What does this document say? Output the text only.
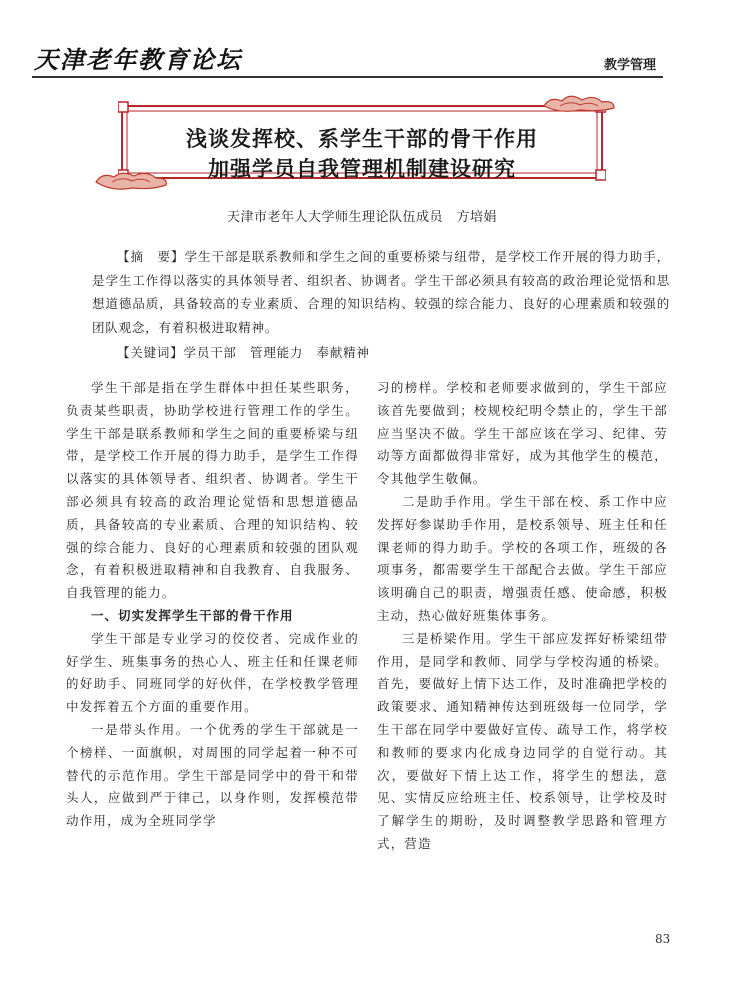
天津老年教育论坛	教学管理
浅谈发挥校、系学生干部的骨干作用
加强学员自我管理机制建设研究
天津市老年人大学师生理论队伍成员　方培娟
【摘　要】学生干部是联系教师和学生之间的重要桥梁与纽带，是学校工作开展的得力助手，是学生工作得以落实的具体领导者、组织者、协调者。学生干部必须具有较高的政治理论觉悟和思想道德品质，具备较高的专业素质、合理的知识结构、较强的综合能力、良好的心理素质和较强的团队观念，有着积极进取精神。
【关键词】学员干部　管理能力　奉献精神

学生干部是指在学生群体中担任某些职务，负责某些职责，协助学校进行管理工作的学生。学生干部是联系教师和学生之间的重要桥梁与纽带，是学校工作开展的得力助手，是学生工作得以落实的具体领导者、组织者、协调者。学生干部必须具有较高的政治理论觉悟和思想道德品质，具备较高的专业素质、合理的知识结构、较强的综合能力、良好的心理素质和较强的团队观念，有着积极进取精神和自我教育、自我服务、自我管理的能力。

一、切实发挥学生干部的骨干作用

学生干部是专业学习的佼佼者、完成作业的好学生、班集事务的热心人、班主任和任课老师的好助手、同班同学的好伙伴，在学校教学管理中发挥着五个方面的重要作用。

一是带头作用。一个优秀的学生干部就是一个榜样、一面旗帜，对周围的同学起着一种不可替代的示范作用。学生干部是同学中的骨干和带头人，应做到严于律己，以身作则，发挥模范带动作用，成为全班同学学

习的榜样。学校和老师要求做到的，学生干部应该首先要做到；校规校纪明令禁止的，学生干部应当坚决不做。学生干部应该在学习、纪律、劳动等方面都做得非常好，成为其他学生的模范，令其他学生敬佩。

二是助手作用。学生干部在校、系工作中应发挥好参谋助手作用，是校系领导、班主任和任课老师的得力助手。学校的各项工作，班级的各项事务，都需要学生干部配合去做。学生干部应该明确自己的职责，增强责任感、使命感，积极主动，热心做好班集体事务。

三是桥梁作用。学生干部应发挥好桥梁纽带作用，是同学和教师、同学与学校沟通的桥梁。首先，要做好上情下达工作，及时准确把学校的政策要求、通知精神传达到班级每一位同学，学生干部在同学中要做好宣传、疏导工作，将学校和教师的要求内化成身边同学的自觉行动。其次，要做好下情上达工作，将学生的想法，意见、实情反应给班主任、校系领导，让学校及时了解学生的期盼，及时调整教学思路和管理方式，营造

83
